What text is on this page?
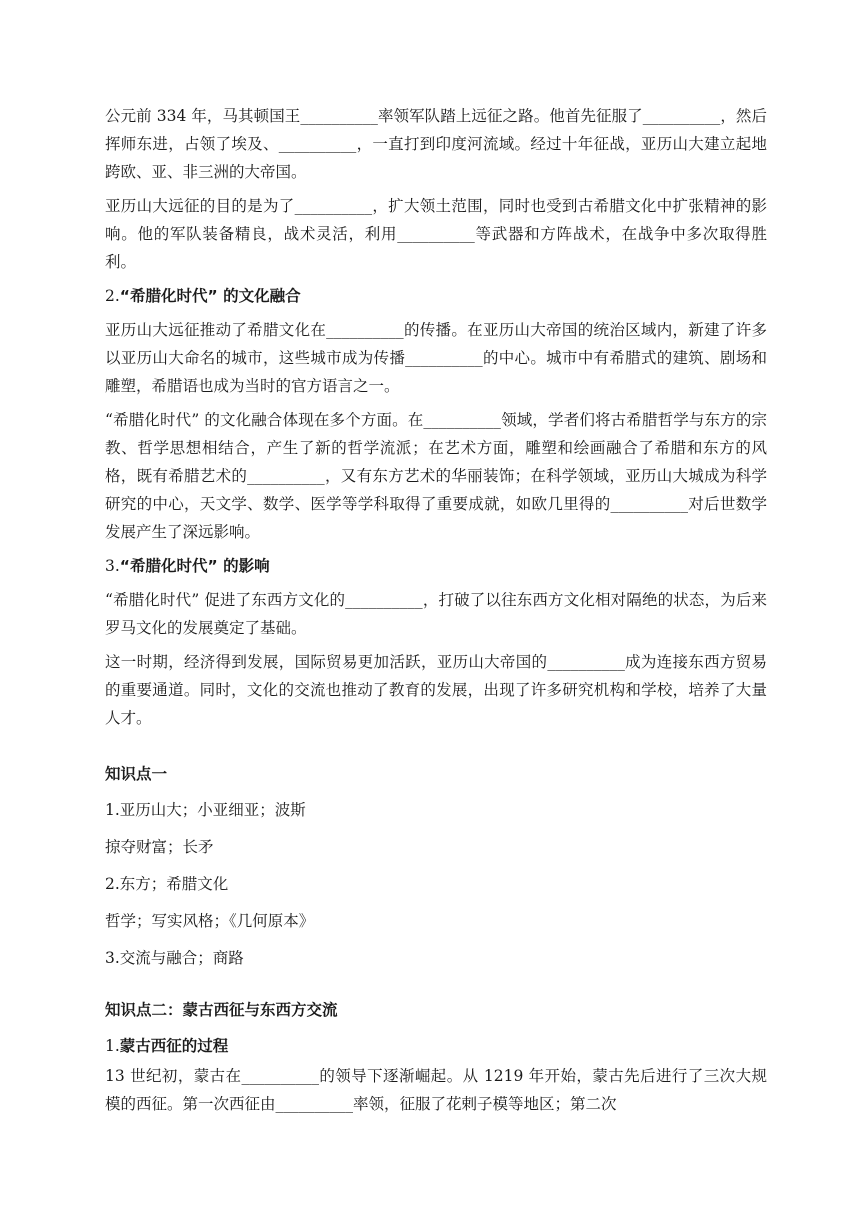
公元前 334 年，马其顿国王__________率领军队踏上远征之路。他首先征服了__________，然后挥师东进，占领了埃及、__________，一直打到印度河流域。经过十年征战，亚历山大建立起地跨欧、亚、非三洲的大帝国。

亚历山大远征的目的是为了__________，扩大领土范围，同时也受到古希腊文化中扩张精神的影响。他的军队装备精良，战术灵活，利用__________等武器和方阵战术，在战争中多次取得胜利。

2.“希腊化时代” 的文化融合

亚历山大远征推动了希腊文化在__________的传播。在亚历山大帝国的统治区域内，新建了许多以亚历山大命名的城市，这些城市成为传播__________的中心。城市中有希腊式的建筑、剧场和雕塑，希腊语也成为当时的官方语言之一。

“希腊化时代” 的文化融合体现在多个方面。在__________领域，学者们将古希腊哲学与东方的宗教、哲学思想相结合，产生了新的哲学流派；在艺术方面，雕塑和绘画融合了希腊和东方的风格，既有希腊艺术的__________，又有东方艺术的华丽装饰；在科学领域，亚历山大城成为科学研究的中心，天文学、数学、医学等学科取得了重要成就，如欧几里得的__________对后世数学发展产生了深远影响。

3.“希腊化时代” 的影响

“希腊化时代” 促进了东西方文化的__________，打破了以往东西方文化相对隔绝的状态，为后来罗马文化的发展奠定了基础。

这一时期，经济得到发展，国际贸易更加活跃，亚历山大帝国的__________成为连接东西方贸易的重要通道。同时，文化的交流也推动了教育的发展，出现了许多研究机构和学校，培养了大量人才。

知识点一
1.亚历山大；小亚细亚；波斯
掠夺财富；长矛
2.东方；希腊文化
哲学；写实风格；《几何原本》
3.交流与融合；商路
知识点二：蒙古西征与东西方交流
1.蒙古西征的过程

13 世纪初，蒙古在__________的领导下逐渐崛起。从 1219 年开始，蒙古先后进行了三次大规模的西征。第一次西征由__________率领，征服了花剌子模等地区；第二次
